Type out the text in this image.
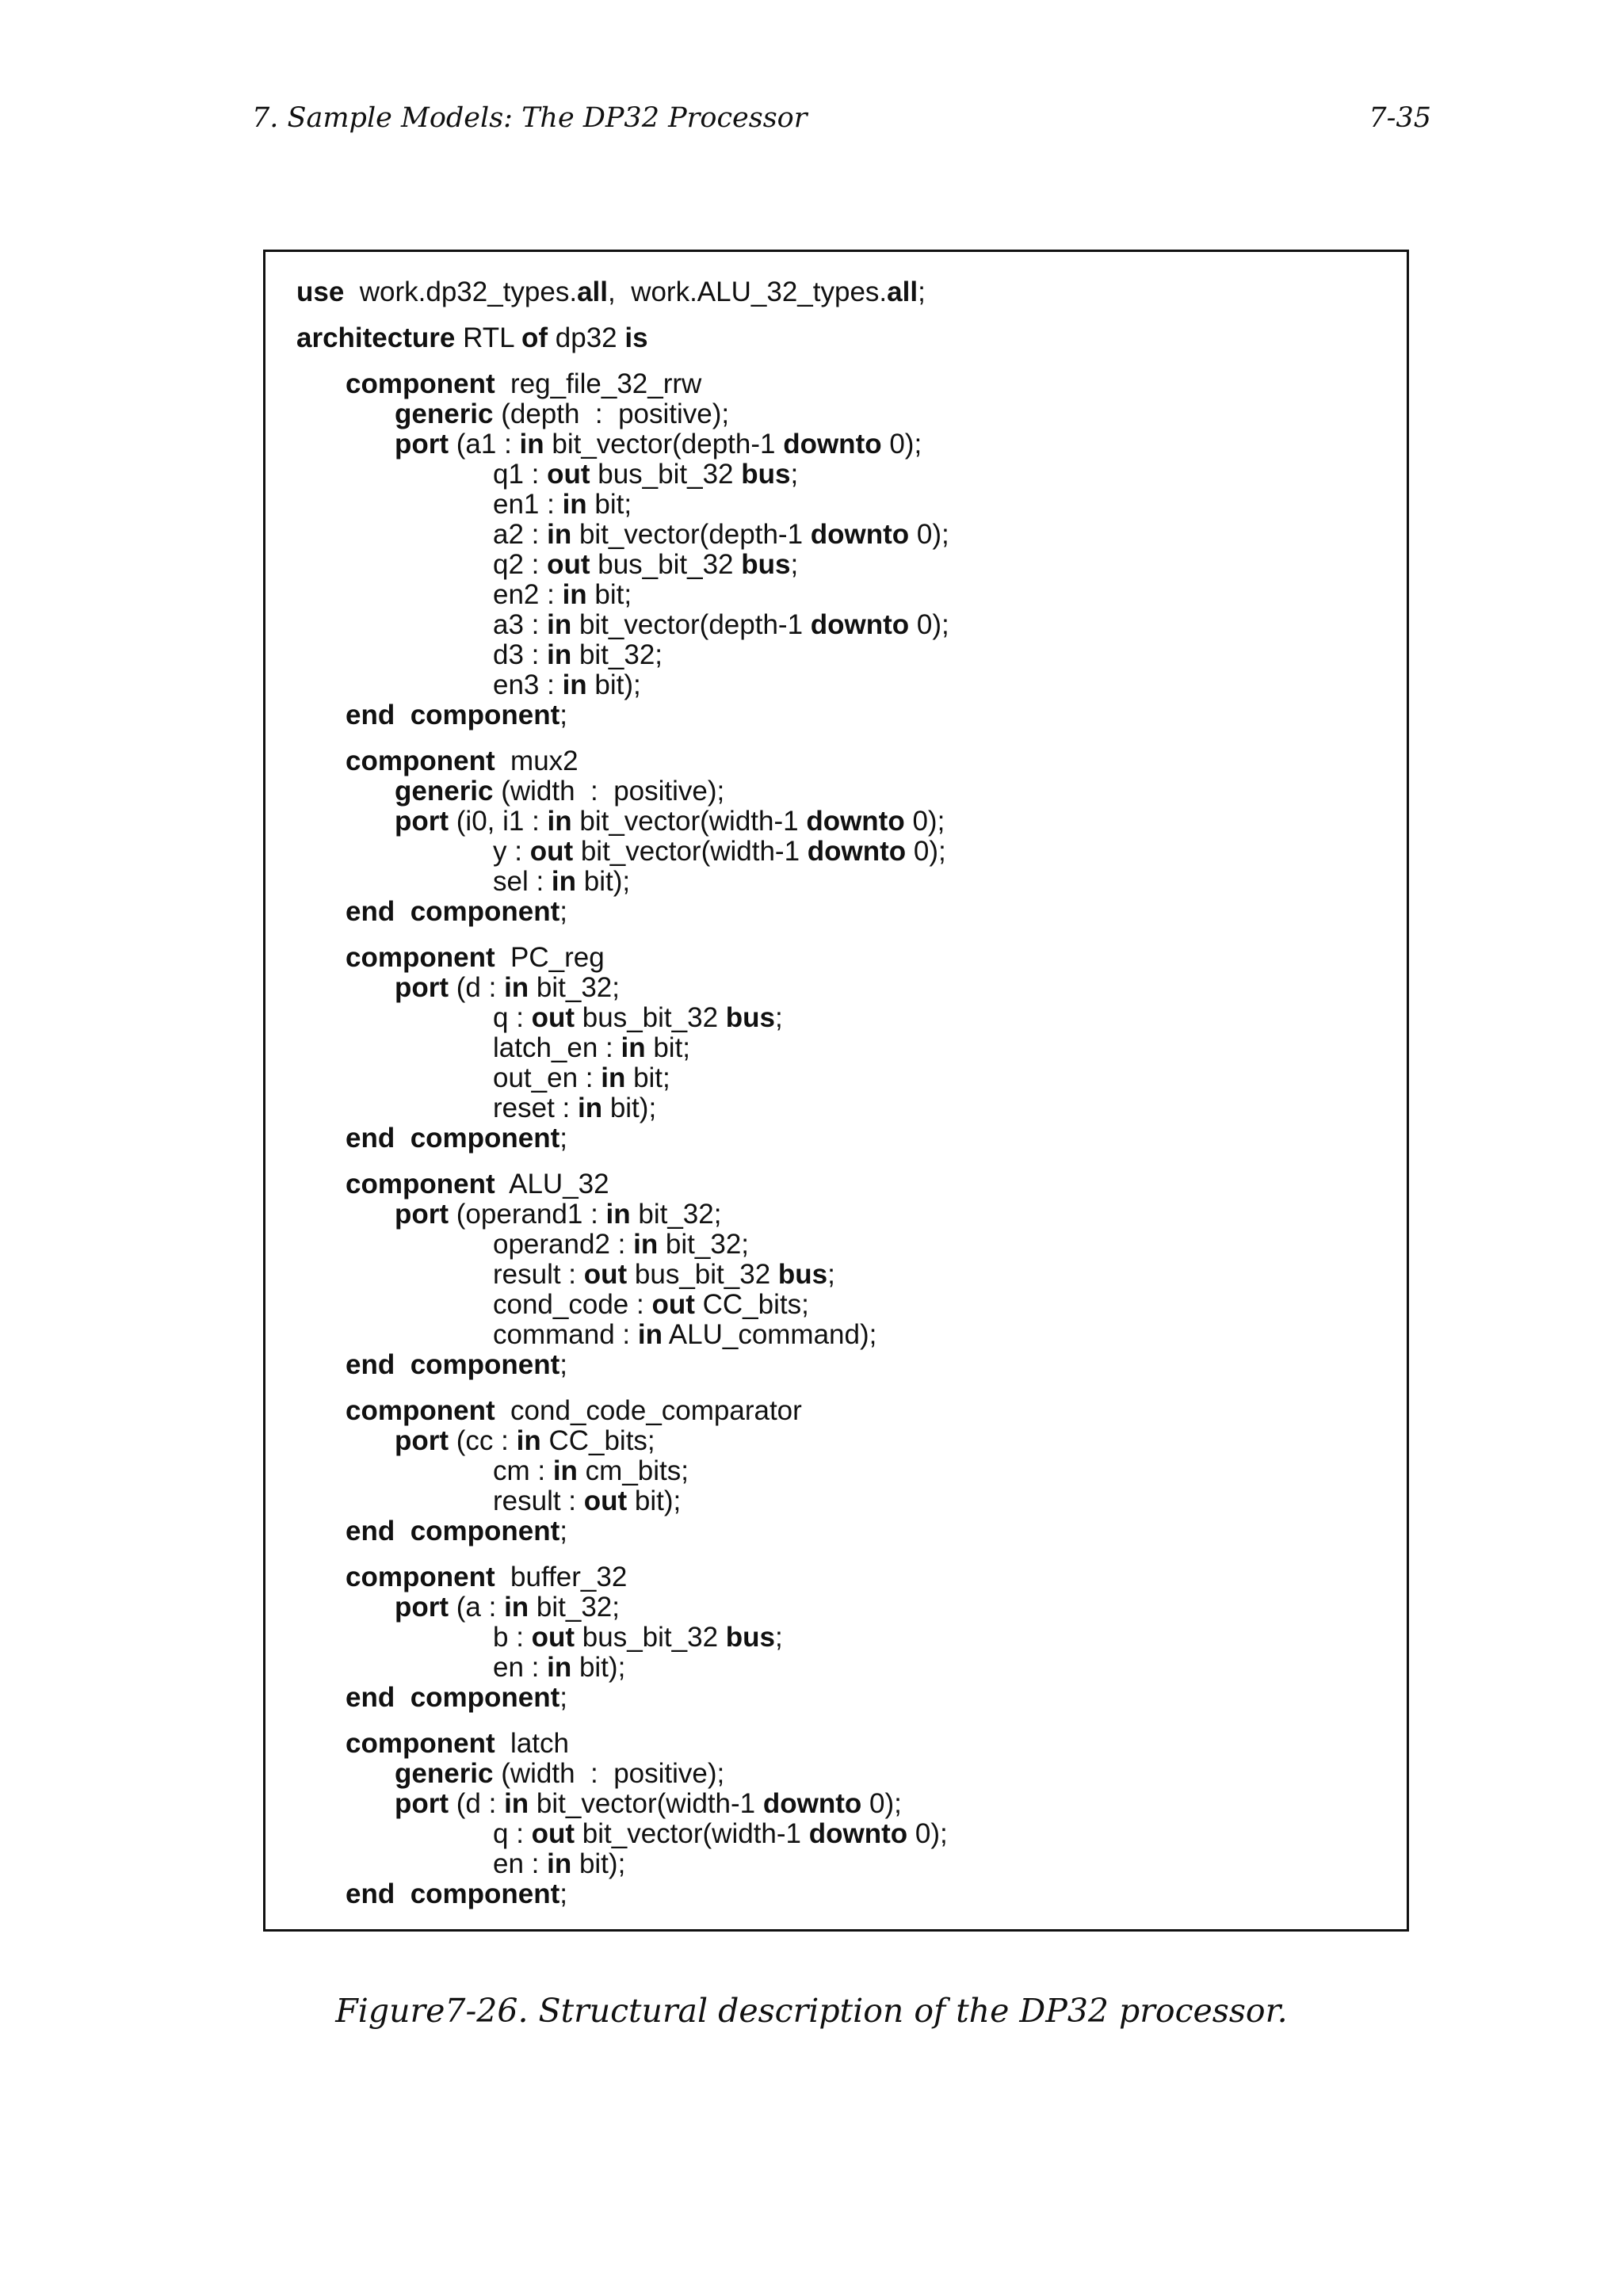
7. Sample Models: The DP32 Processor	7-35
use  work.dp32_types.all,  work.ALU_32_types.all;
architecture RTL of dp32 is
component  reg_file_32_rrw
generic (depth  :  positive);
port (a1 : in bit_vector(depth-1 downto 0);
q1 : out bus_bit_32 bus;
en1 : in bit;
a2 : in bit_vector(depth-1 downto 0);
q2 : out bus_bit_32 bus;
en2 : in bit;
a3 : in bit_vector(depth-1 downto 0);
d3 : in bit_32;
en3 : in bit);
end component;
component  mux2
generic (width  :  positive);
port (i0, i1 : in bit_vector(width-1 downto 0);
y : out bit_vector(width-1 downto 0);
sel : in bit);
end component;
component  PC_reg
port (d : in bit_32;
q : out bus_bit_32 bus;
latch_en : in bit;
out_en : in bit;
reset : in bit);
end component;
component  ALU_32
port (operand1 : in bit_32;
operand2 : in bit_32;
result : out bus_bit_32 bus;
cond_code : out CC_bits;
command : in ALU_command);
end component;
component  cond_code_comparator
port (cc : in CC_bits;
cm : in cm_bits;
result : out bit);
end component;
component  buffer_32
port (a : in bit_32;
b : out bus_bit_32 bus;
en : in bit);
end component;
component  latch
generic (width  :  positive);
port (d : in bit_vector(width-1 downto 0);
q : out bit_vector(width-1 downto 0);
en : in bit);
end component;
Figure7-26. Structural description of the DP32 processor.
